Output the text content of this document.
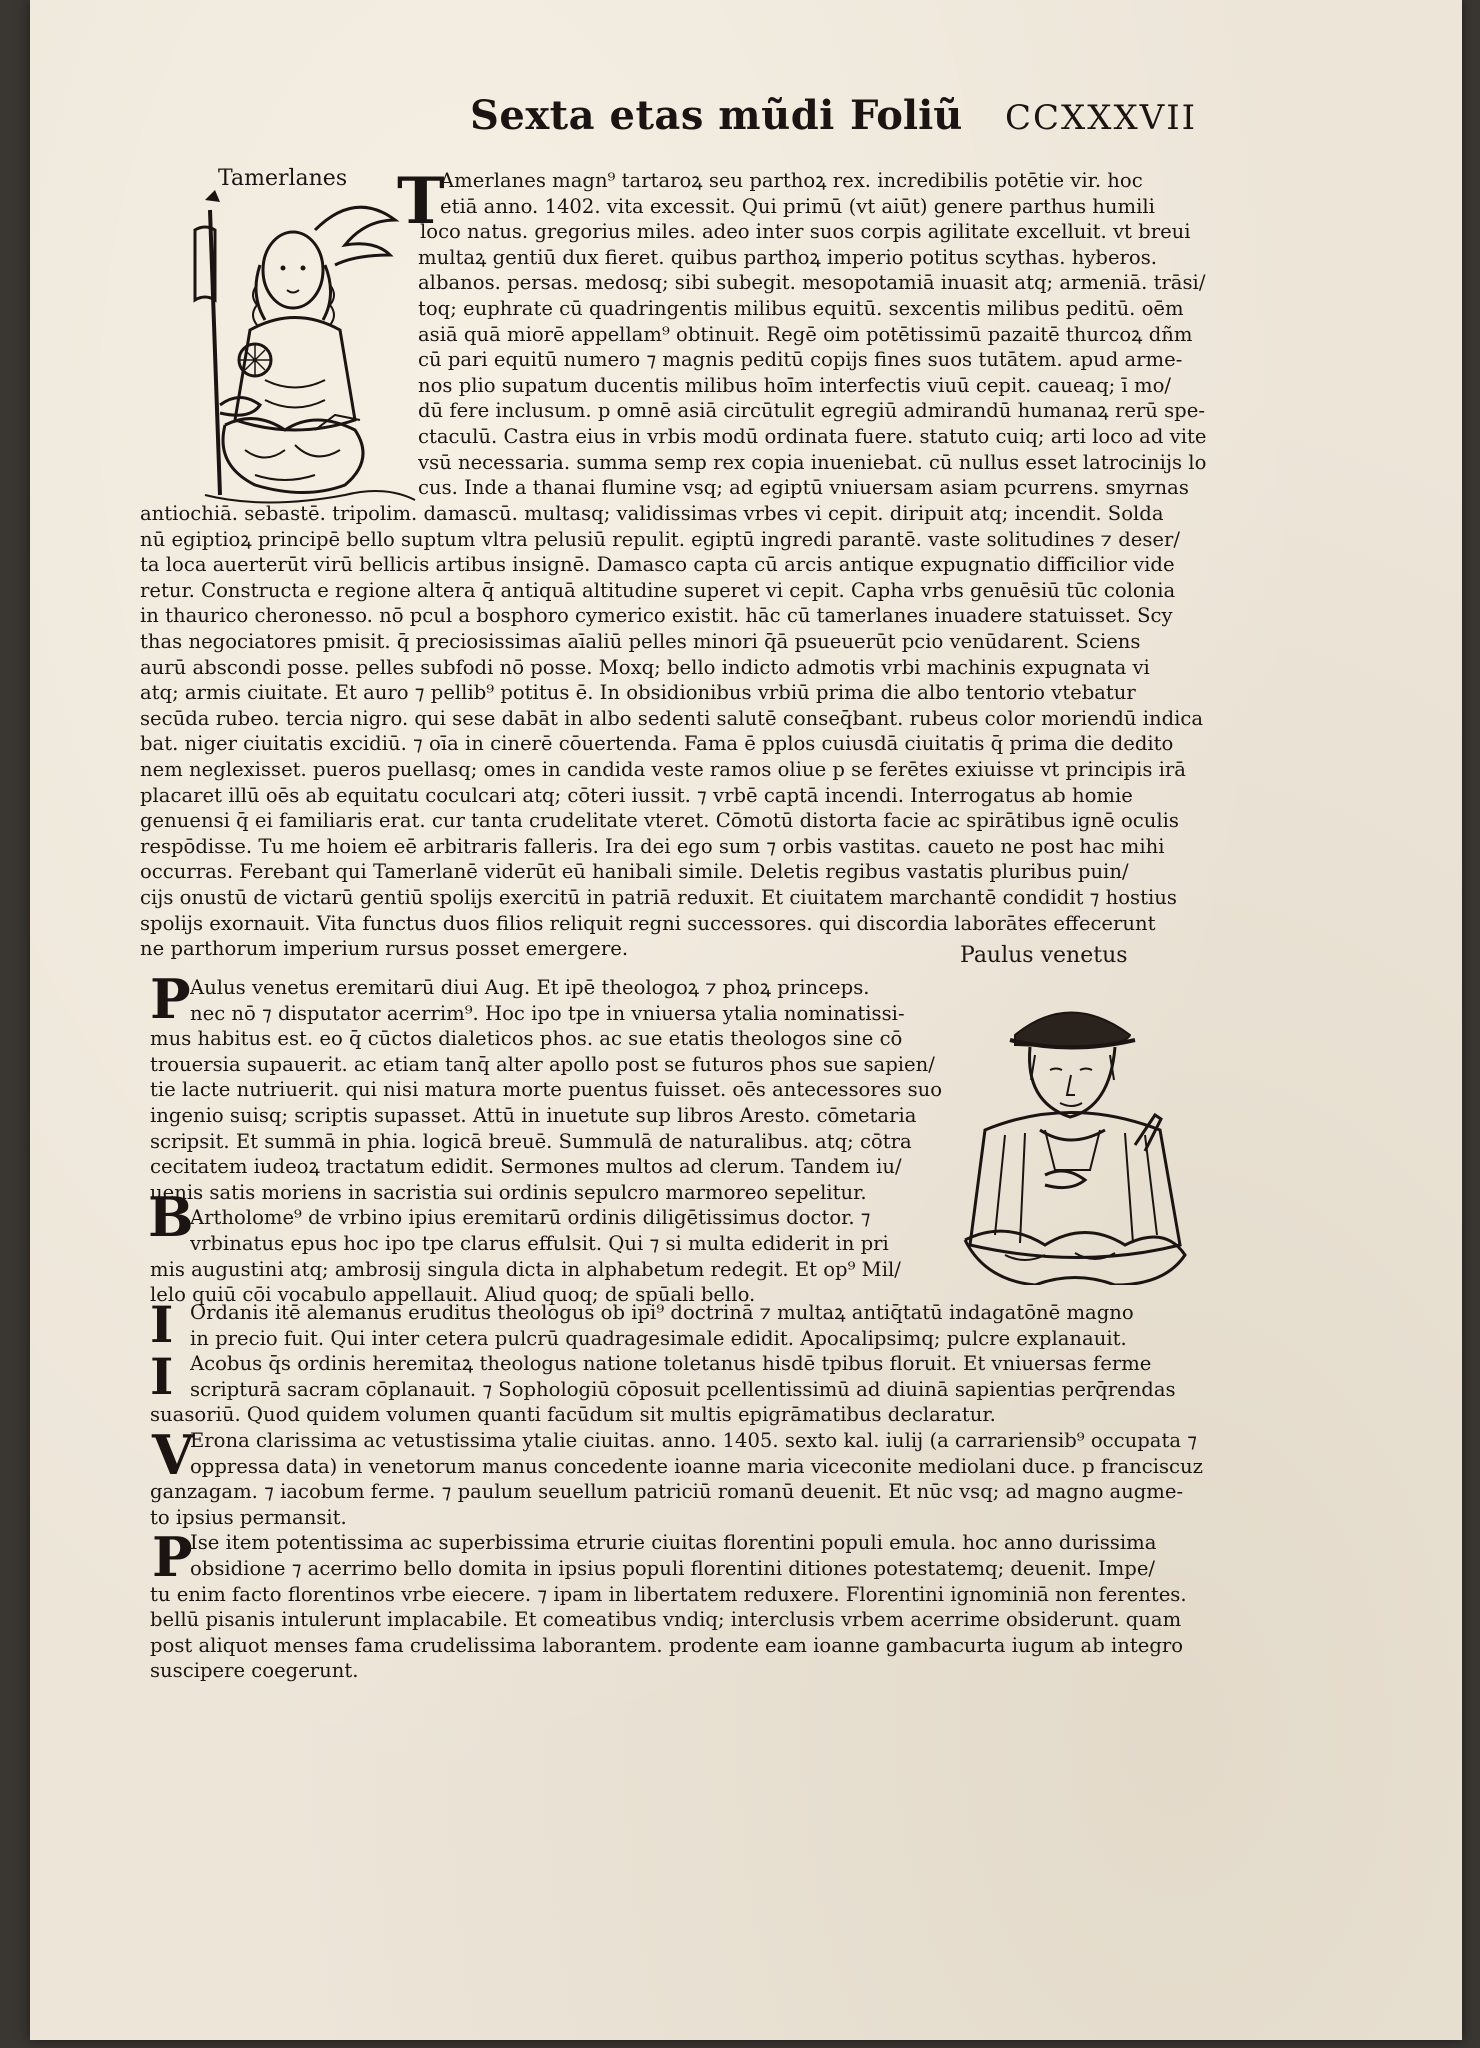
Sexta etas mũdi Foliũ CCXXXVII
Tamerlanes T
Amerlanes magn⁹ tartaroꝝ seu parthoꝝ rex. incredibilis potētie vir. hoc
etiā anno. 1402. vita excessit. Qui primū (vt aiūt) genere parthus humili
loco natus. gregorius miles. adeo inter suos corpis agilitate excelluit. vt breui
multaꝝ gentiū dux fieret. quibus parthoꝝ imperio potitus scythas. hyberos.
albanos. persas. medosq; sibi subegit. mesopotamiā inuasit atq; armeniā. trāsi/
toq; euphrate cū quadringentis milibus equitū. sexcentis milibus peditū. oēm
asiā quā miorē appellam⁹ obtinuit. Regē oim potētissimū pazaitē thurcoꝝ dñm
cū pari equitū numero ⁊ magnis peditū copijs fines suos tutātem. apud arme-
nos plio supatum ducentis milibus hoīm interfectis viuū cepit. caueaq; ī mo/
dū fere inclusum. p omnē asiā circūtulit egregiū admirandū humanaꝝ rerū spe-
ctaculū. Castra eius in vrbis modū ordinata fuere. statuto cuiq; arti loco ad vite
vsū necessaria. summa semp rex copia inueniebat. cū nullus esset latrocinijs lo
cus. Inde a thanai flumine vsq; ad egiptū vniuersam asiam pcurrens. smyrnas
antiochiā. sebastē. tripolim. damascū. multasq; validissimas vrbes vi cepit. diripuit atq; incendit. Solda
nū egiptioꝝ principē bello suptum vltra pelusiū repulit. egiptū ingredi parantē. vaste solitudines ⁊ deser/
ta loca auerterūt virū bellicis artibus insignē. Damasco capta cū arcis antique expugnatio difficilior vide
retur. Constructa e regione altera q̄ antiquā altitudine superet vi cepit. Capha vrbs genuēsiū tūc colonia
in thaurico cheronesso. nō pcul a bosphoro cymerico existit. hāc cū tamerlanes inuadere statuisset. Scy
thas negociatores pmisit. q̄ preciosissimas aīaliū pelles minori q̄ā psueuerūt pcio venūdarent. Sciens
aurū abscondi posse. pelles subfodi nō posse. Moxq; bello indicto admotis vrbi machinis expugnata vi
atq; armis ciuitate. Et auro ⁊ pellib⁹ potitus ē. In obsidionibus vrbiū prima die albo tentorio vtebatur
secūda rubeo. tercia nigro. qui sese dabāt in albo sedenti salutē conseq̄bant. rubeus color moriendū indica
bat. niger ciuitatis excidiū. ⁊ oīa in cinerē cōuertenda. Fama ē pplos cuiusdā ciuitatis q̄ prima die dedito
nem neglexisset. pueros puellasq; omes in candida veste ramos oliue p se ferētes exiuisse vt principis irā
placaret illū oēs ab equitatu coculcari atq; cōteri iussit. ⁊ vrbē captā incendi. Interrogatus ab homie
genuensi q̄ ei familiaris erat. cur tanta crudelitate vteret. Cōmotū distorta facie ac spirātibus ignē oculis
respōdisse. Tu me hoiem eē arbitraris falleris. Ira dei ego sum ⁊ orbis vastitas. caueto ne post hac mihi
occurras. Ferebant qui Tamerlanē viderūt eū hanibali simile. Deletis regibus vastatis pluribus puin/
cijs onustū de victarū gentiū spolijs exercitū in patriā reduxit. Et ciuitatem marchantē condidit ⁊ hostius
spolijs exornauit. Vita functus duos filios reliquit regni successores. qui discordia laborātes effecerunt
ne parthorum imperium rursus posset emergere.	Paulus venetus
P
B
Aulus venetus eremitarū diui Aug. Et ipē theologoꝝ ⁊ phoꝝ princeps.
nec nō ⁊ disputator acerrim⁹. Hoc ipo tpe in vniuersa ytalia nominatissi-
mus habitus est. eo q̄ cūctos dialeticos phos. ac sue etatis theologos sine cō
trouersia supauerit. ac etiam tanq̄ alter apollo post se futuros phos sue sapien/
tie lacte nutriuerit. qui nisi matura morte puentus fuisset. oēs antecessores suo
ingenio suisq; scriptis supasset. Attū in inuetute sup libros Aresto. cōmetaria
scripsit. Et summā in phia. logicā breuē. Summulā de naturalibus. atq; cōtra
cecitatem iudeoꝝ tractatum edidit. Sermones multos ad clerum. Tandem iu/
uenis satis moriens in sacristia sui ordinis sepulcro marmoreo sepelitur.
Artholome⁹ de vrbino ipius eremitarū ordinis diligētissimus doctor. ⁊
vrbinatus epus hoc ipo tpe clarus effulsit. Qui ⁊ si multa ediderit in pri
mis augustini atq; ambrosij singula dicta in alphabetum redegit. Et op⁹ Mil/
lelo quiū cōi vocabulo appellauit. Aliud quoq; de spūali bello.
I
I
V
P
Ordanis itē alemanus eruditus theologus ob ipi⁹ doctrinā ⁊ multaꝝ antiq̄tatū indagatōnē magno
in precio fuit. Qui inter cetera pulcrū quadragesimale edidit. Apocalipsimq; pulcre explanauit.
Acobus q̄s ordinis heremitaꝝ theologus natione toletanus hisdē tpibus floruit. Et vniuersas ferme
scripturā sacram cōplanauit. ⁊ Sophologiū cōposuit pcellentissimū ad diuinā sapientias perq̄rendas
suasoriū. Quod quidem volumen quanti facūdum sit multis epigrāmatibus declaratur.
Erona clarissima ac vetustissima ytalie ciuitas. anno. 1405. sexto kal. iulij (a carrariensib⁹ occupata ⁊
oppressa data) in venetorum manus concedente ioanne maria viceconite mediolani duce. p franciscuz
ganzagam. ⁊ iacobum ferme. ⁊ paulum seuellum patriciū romanū deuenit. Et nūc vsq; ad magno augme-
to ipsius permansit.
Ise item potentissima ac superbissima etrurie ciuitas florentini populi emula. hoc anno durissima
obsidione ⁊ acerrimo bello domita in ipsius populi florentini ditiones potestatemq; deuenit. Impe/
tu enim facto florentinos vrbe eiecere. ⁊ ipam in libertatem reduxere. Florentini ignominiā non ferentes.
bellū pisanis intulerunt implacabile. Et comeatibus vndiq; interclusis vrbem acerrime obsiderunt. quam
post aliquot menses fama crudelissima laborantem. prodente eam ioanne gambacurta iugum ab integro
suscipere coegerunt.
